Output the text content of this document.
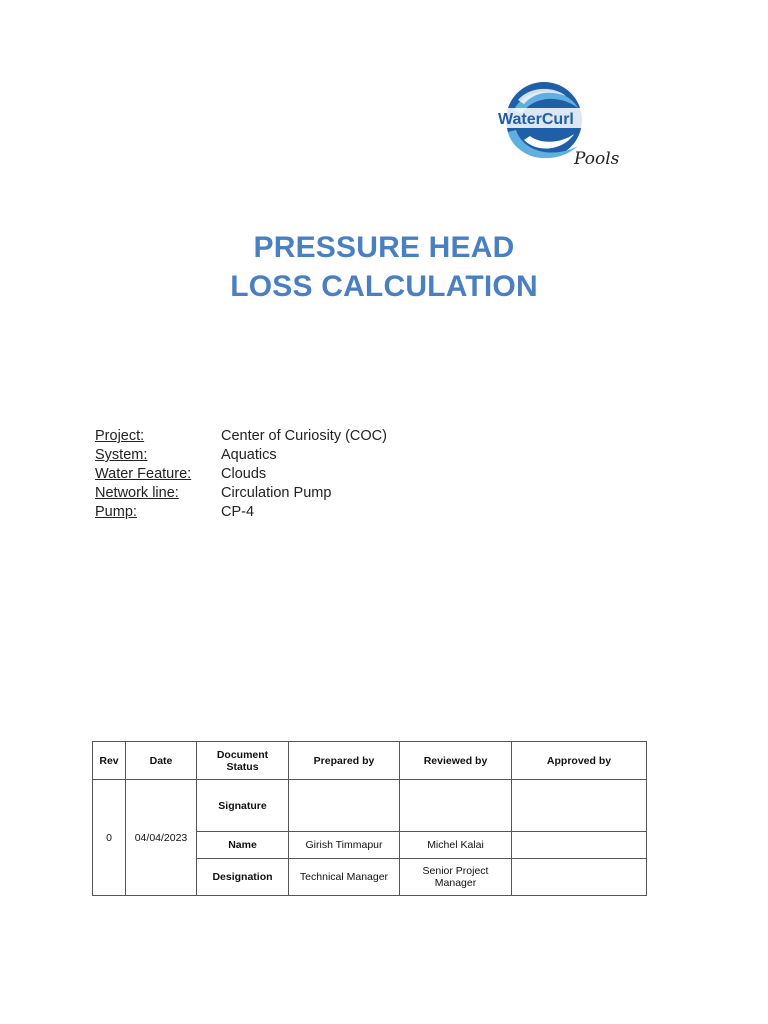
WaterCurl
Pools
PRESSURE HEAD
LOSS CALCULATION
Project:	Center of Curiosity (COC)
System:	Aquatics
Water Feature:	Clouds
Network line:	Circulation Pump
Pump:	CP-4
Rev	Date	Document Status	Prepared by	Reviewed by	Approved by
0	04/04/2023	Signature			
		Name	Girish Timmapur	Michel Kalai	
		Designation	Technical Manager	Senior Project Manager	
